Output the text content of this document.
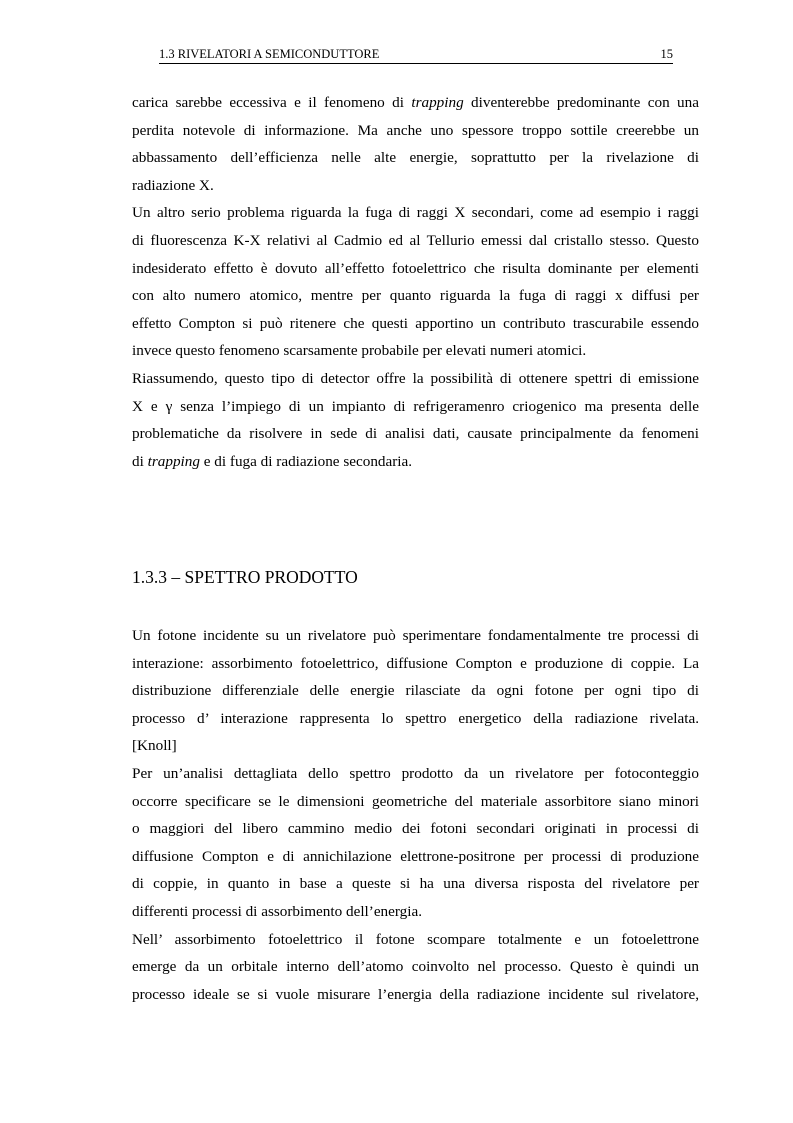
1.3 RIVELATORI A SEMICONDUTTORE	15
carica sarebbe eccessiva e il fenomeno di trapping diventerebbe predominante con una
perdita notevole di informazione. Ma anche uno spessore troppo sottile creerebbe un
abbassamento dell’efficienza nelle alte energie, soprattutto per la rivelazione di
radiazione X.
Un altro serio problema riguarda la fuga di raggi X secondari, come ad esempio i raggi
di fluorescenza K-X relativi al Cadmio ed al Tellurio emessi dal cristallo stesso. Questo
indesiderato effetto è dovuto all’effetto fotoelettrico che risulta dominante per elementi
con alto numero atomico, mentre per quanto riguarda la fuga di raggi x diffusi per
effetto Compton si può ritenere che questi apportino un contributo trascurabile essendo
invece questo fenomeno scarsamente probabile per elevati numeri atomici.
Riassumendo, questo tipo di detector offre la possibilità di ottenere spettri di emissione
X e γ senza l’impiego di un impianto di refrigeramenro criogenico ma presenta delle
problematiche da risolvere in sede di analisi dati, causate principalmente da fenomeni
di trapping e di fuga di radiazione secondaria.
1.3.3 – SPETTRO PRODOTTO
Un fotone incidente su un rivelatore può sperimentare fondamentalmente tre processi di
interazione: assorbimento fotoelettrico, diffusione Compton e produzione di coppie. La
distribuzione differenziale delle energie rilasciate da ogni fotone per ogni tipo di
processo d’ interazione rappresenta lo spettro energetico della radiazione rivelata.
[Knoll]
Per un’analisi dettagliata dello spettro prodotto da un rivelatore per fotoconteggio
occorre specificare se le dimensioni geometriche del materiale assorbitore siano minori
o maggiori del libero cammino medio dei fotoni secondari originati in processi di
diffusione Compton e di annichilazione elettrone-positrone per processi di produzione
di coppie, in quanto in base a queste si ha una diversa risposta del rivelatore per
differenti processi di assorbimento dell’energia.
Nell’ assorbimento fotoelettrico il fotone scompare totalmente e un fotoelettrone
emerge da un orbitale interno dell’atomo coinvolto nel processo. Questo è quindi un
processo ideale se si vuole misurare l’energia della radiazione incidente sul rivelatore,
